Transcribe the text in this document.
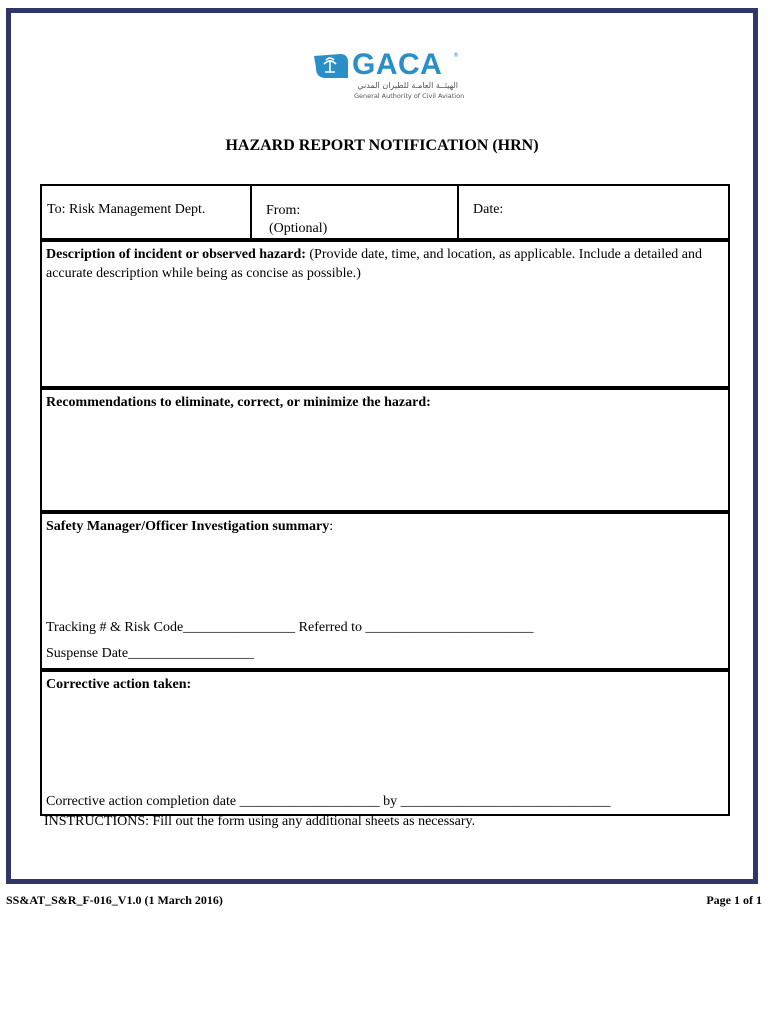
GACA ®
الهيئــة العامـة للطيران المدني
General Authority of Civil Aviation
HAZARD REPORT NOTIFICATION (HRN)
To: Risk Management Dept.	From:
(Optional)
Date:
Description of incident or observed hazard: (Provide date, time, and location, as applicable. Include a detailed and accurate description while being as concise as possible.)
Recommendations to eliminate, correct, or minimize the hazard:
Safety Manager/Officer Investigation summary:
Tracking # & Risk Code________________ Referred to ________________________
Suspense Date__________________
Corrective action taken:
Corrective action completion date ____________________ by ______________________________
INSTRUCTIONS: Fill out the form using any additional sheets as necessary.
SS&AT_S&R_F-016_V1.0 (1 March 2016)	Page 1 of 1
